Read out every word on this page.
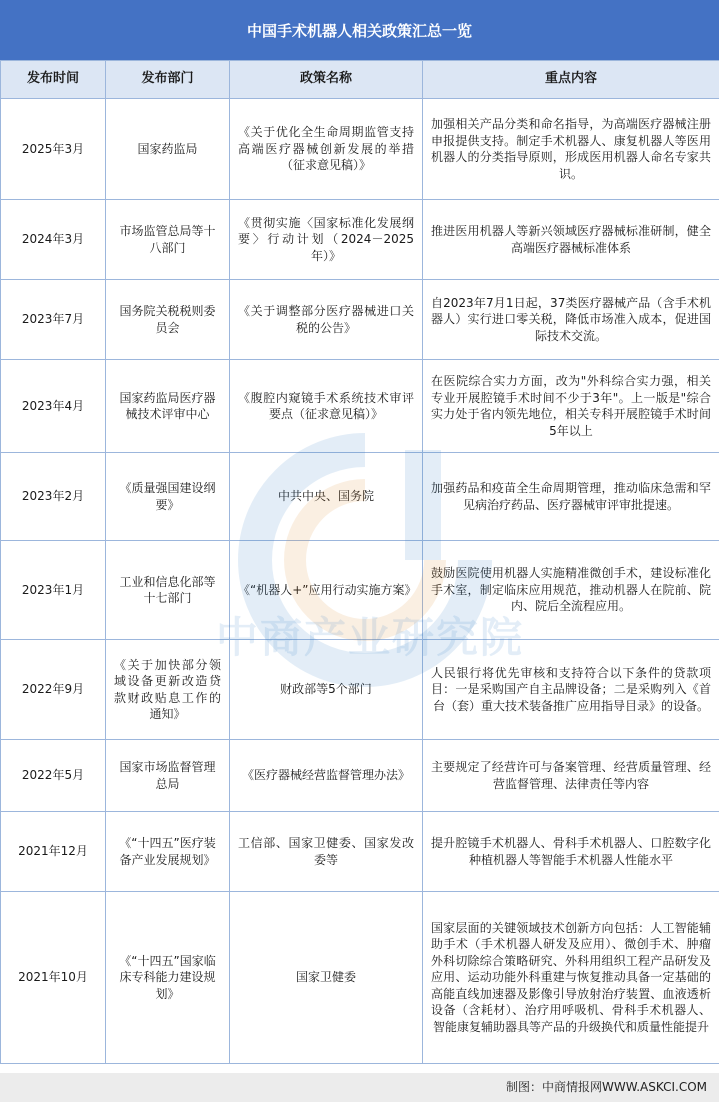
中国手术机器人相关政策汇总一览
发布时间	发布部门	政策名称	重点内容
2025年3月	国家药监局	《关于优化全生命周期监管支持高端医疗器械创新发展的举措（征求意见稿）》	加强相关产品分类和命名指导，为高端医疗器械注册申报提供支持。制定手术机器人、康复机器人等医用机器人的分类指导原则，形成医用机器人命名专家共识。
2024年3月	市场监管总局等十八部门	《贯彻实施〈国家标准化发展纲要〉行动计划（2024－2025年）》	推进医用机器人等新兴领域医疗器械标准研制，健全高端医疗器械标准体系
2023年7月	国务院关税税则委员会	《关于调整部分医疗器械进口关税的公告》	自2023年7月1日起，37类医疗器械产品（含手术机器人）实行进口零关税，降低市场准入成本，促进国际技术交流。
2023年4月	国家药监局医疗器械技术评审中心	《腹腔内窥镜手术系统技术审评要点（征求意见稿）》	在医院综合实力方面，改为"外科综合实力强，相关专业开展腔镜手术时间不少于3年"。上一版是"综合实力处于省内领先地位，相关专科开展腔镜手术时间5年以上
2023年2月	《质量强国建设纲要》	中共中央、国务院	加强药品和疫苗全生命周期管理，推动临床急需和罕见病治疗药品、医疗器械审评审批提速。
2023年1月	工业和信息化部等十七部门	《“机器人+”应用行动实施方案》	鼓励医院使用机器人实施精准微创手术，建设标准化手术室，制定临床应用规范，推动机器人在院前、院内、院后全流程应用。
2022年9月	《关于加快部分领域设备更新改造贷款财政贴息工作的通知》	财政部等5个部门	人民银行将优先审核和支持符合以下条件的贷款项目：一是采购国产自主品牌设备；二是采购列入《首台（套）重大技术装备推广应用指导目录》的设备。
2022年5月	国家市场监督管理总局	《医疗器械经营监督管理办法》	主要规定了经营许可与备案管理、经营质量管理、经营监督管理、法律责任等内容
2021年12月	《“十四五”医疗装备产业发展规划》	工信部、国家卫健委、国家发改委等	提升腔镜手术机器人、骨科手术机器人、口腔数字化种植机器人等智能手术机器人性能水平
2021年10月	《“十四五”国家临床专科能力建设规划》	国家卫健委	国家层面的关键领域技术创新方向包括：人工智能辅助手术（手术机器人研发及应用）、微创手术、肿瘤外科切除综合策略研究、外科用组织工程产品研发及应用、运动功能外科重建与恢复推动具备一定基础的高能直线加速器及影像引导放射治疗装置、血液透析设备（含耗材）、治疗用呼吸机、骨科手术机器人、智能康复辅助器具等产品的升级换代和质量性能提升
中商产业研究院
制图：中商情报网WWW.ASKCI.COM
